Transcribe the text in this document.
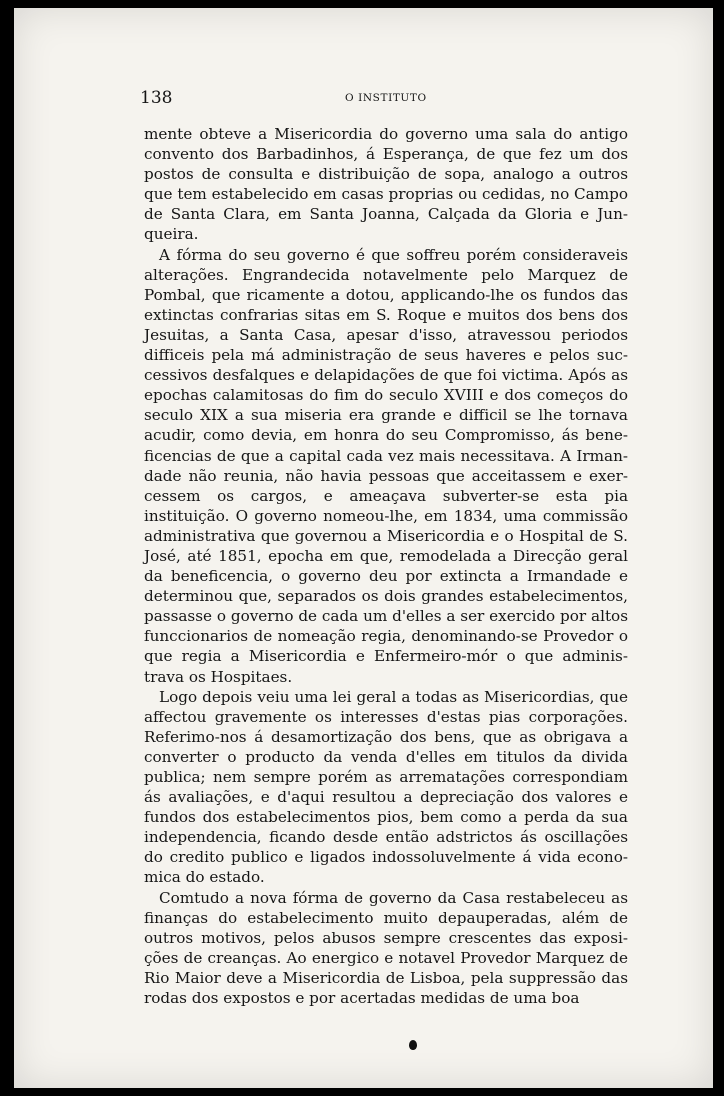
138	O INSTITUTO

mente obteve a Misericordia do governo uma sala do antigo convento dos Barbadinhos, á Esperança, de que fez um dos postos de consulta e distribuição de sopa, analogo a outros que tem estabelecido em casas proprias ou cedidas, no Campo de Santa Clara, em Santa Joanna, Calçada da Gloria e Junqueira.

A fórma do seu governo é que soffreu porém consideraveis alterações. Engrandecida notavelmente pelo Marquez de Pombal, que ricamente a dotou, applicando-lhe os fundos das extinctas confrarias sitas em S. Roque e muitos dos bens dos Jesuitas, a Santa Casa, apesar d'isso, atravessou periodos difficeis pela má administração de seus haveres e pelos successivos desfalques e delapidações de que foi victima. Após as epochas calamitosas do fim do seculo XVIII e dos começos do seculo XIX a sua miseria era grande e difficil se lhe tornava acudir, como devia, em honra do seu Compromisso, ás beneficencias de que a capital cada vez mais necessitava. A Irmandade não reunia, não havia pessoas que acceitassem e exercessem os cargos, e ameaçava subverter-se esta pia instituição. O governo nomeou-lhe, em 1834, uma commissão administrativa que governou a Misericordia e o Hospital de S. José, até 1851, epocha em que, remodelada a Direcção geral da beneficencia, o governo deu por extincta a Irmandade e determinou que, separados os dois grandes estabelecimentos, passasse o governo de cada um d'elles a ser exercido por altos funccionarios de nomeação regia, denominando-se Provedor o que regia a Misericordia e Enfermeiro-mór o que administrava os Hospitaes.

Logo depois veiu uma lei geral a todas as Misericordias, que affectou gravemente os interesses d'estas pias corporações. Referimo-nos á desamortização dos bens, que as obrigava a converter o producto da venda d'elles em titulos da divida publica; nem sempre porém as arrematações correspondiam ás avaliações, e d'aqui resultou a depreciação dos valores e fundos dos estabelecimentos pios, bem como a perda da sua independencia, ficando desde então adstrictos ás oscillações do credito publico e ligados indossoluvelmente á vida economica do estado.

Comtudo a nova fórma de governo da Casa restabeleceu as finanças do estabelecimento muito depauperadas, além de outros motivos, pelos abusos sempre crescentes das exposições de creanças. Ao energico e notavel Provedor Marquez de Rio Maior deve a Misericordia de Lisboa, pela suppressão das rodas dos expostos e por acertadas medidas de uma boa
